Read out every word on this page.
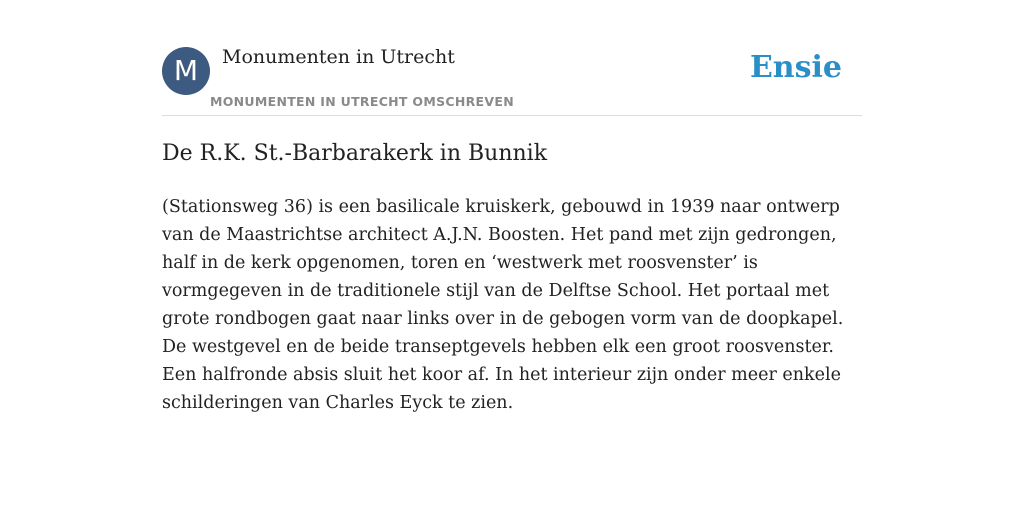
M	Monumenten in Utrecht
MONUMENTEN IN UTRECHT OMSCHREVEN
Ensie
De R.K. St.-Barbarakerk in Bunnik

(Stationsweg 36) is een basilicale kruiskerk, gebouwd in 1939 naar ontwerp van de Maastrichtse architect A.J.N. Boosten. Het pand met zijn gedrongen, half in de kerk opgenomen, toren en ‘westwerk met roosvenster’ is vormgegeven in de traditionele stijl van de Delftse School. Het portaal met grote rondbogen gaat naar links over in de gebogen vorm van de doopkapel. De westgevel en de beide transeptgevels hebben elk een groot roosvenster. Een halfronde absis sluit het koor af. In het interieur zijn onder meer enkele schilderingen van Charles Eyck te zien.
